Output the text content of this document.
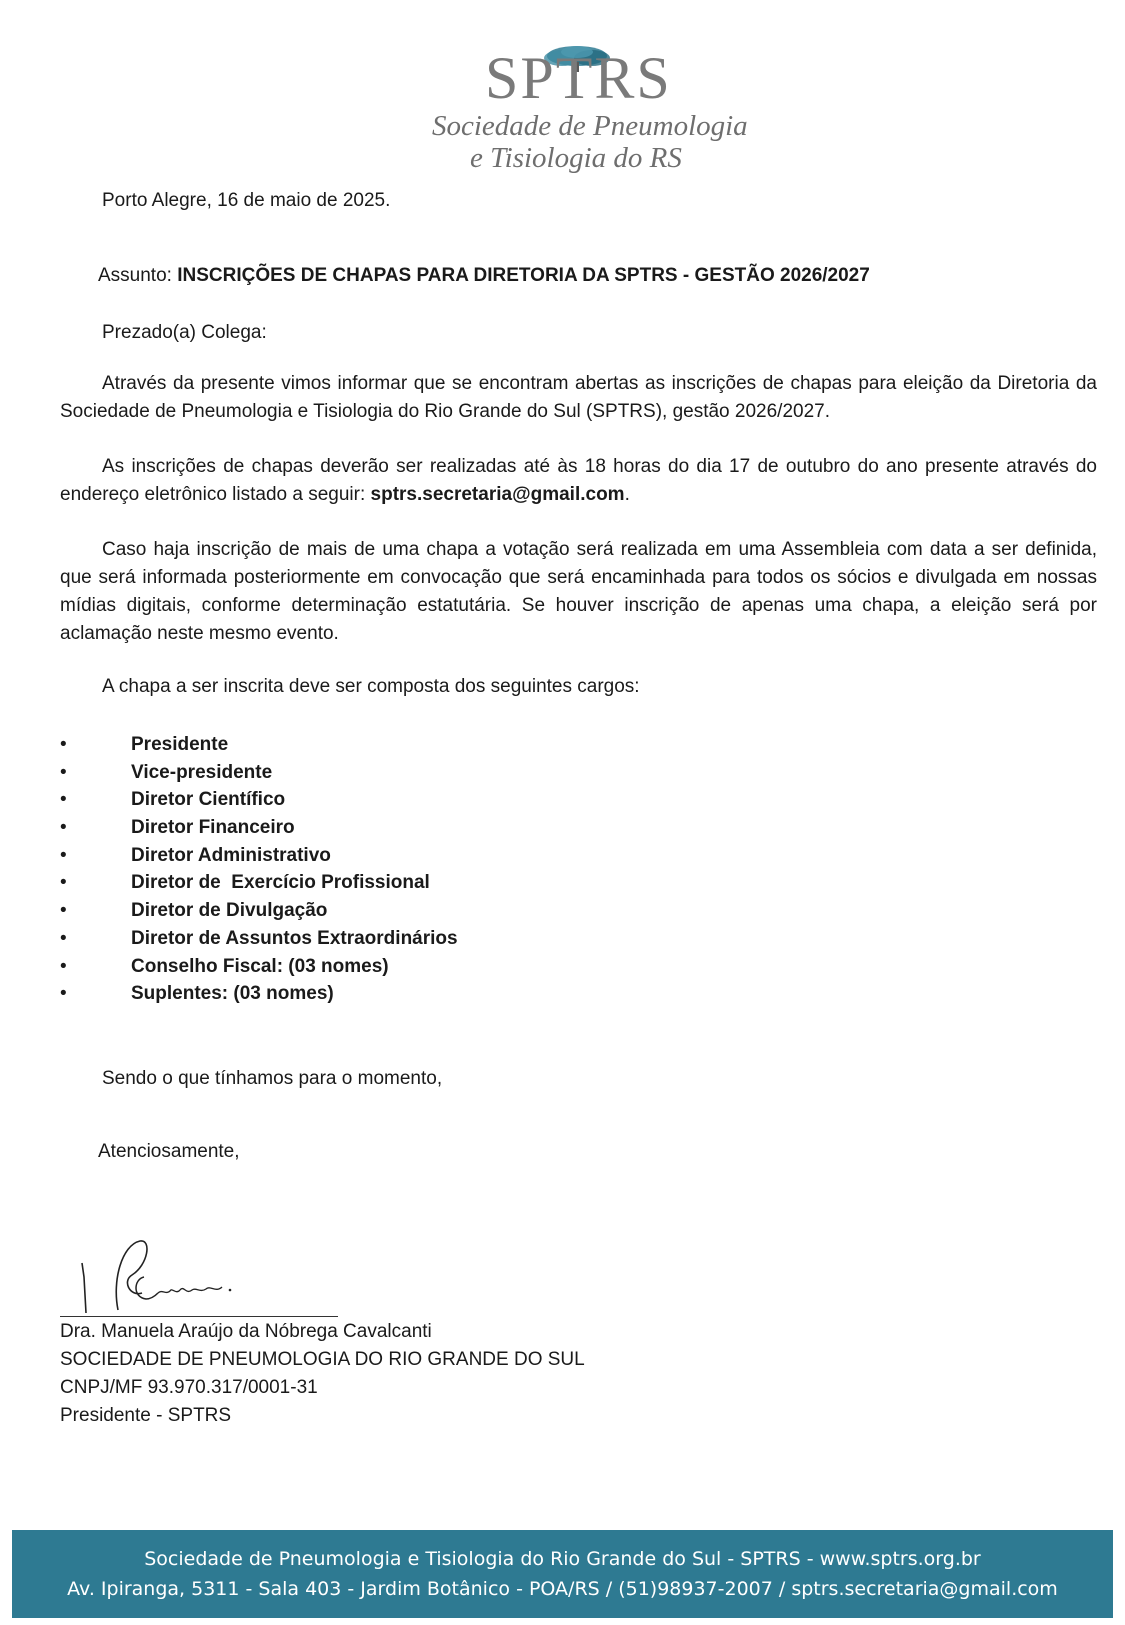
SPTRS
Sociedade de Pneumologia
e Tisiologia do RS
Porto Alegre, 16 de maio de 2025.
Assunto: INSCRIÇÕES DE CHAPAS PARA DIRETORIA DA SPTRS - GESTÃO 2026/2027
Prezado(a) Colega:
Através da presente vimos informar que se encontram abertas as inscrições de chapas para eleição da Diretoria da Sociedade de Pneumologia e Tisiologia do Rio Grande do Sul (SPTRS), gestão 2026/2027.
As inscrições de chapas deverão ser realizadas até às 18 horas do dia 17 de outubro do ano presente através do endereço eletrônico listado a seguir: sptrs.secretaria@gmail.com.
Caso haja inscrição de mais de uma chapa a votação será realizada em uma Assembleia com data a ser definida, que será informada posteriormente em convocação que será encaminhada para todos os sócios e divulgada em nossas mídias digitais, conforme determinação estatutária. Se houver inscrição de apenas uma chapa, a eleição será por aclamação neste mesmo evento.
A chapa a ser inscrita deve ser composta dos seguintes cargos:
•	Presidente
•	Vice-presidente
•	Diretor Científico
•	Diretor Financeiro
•	Diretor Administrativo
•	Diretor de  Exercício Profissional
•	Diretor de Divulgação
•	Diretor de Assuntos Extraordinários
•	Conselho Fiscal: (03 nomes)
•	Suplentes: (03 nomes)
Sendo o que tínhamos para o momento,
Atenciosamente,
Dra. Manuela Araújo da Nóbrega Cavalcanti
SOCIEDADE DE PNEUMOLOGIA DO RIO GRANDE DO SUL
CNPJ/MF 93.970.317/0001-31
Presidente - SPTRS
Sociedade de Pneumologia e Tisiologia do Rio Grande do Sul - SPTRS - www.sptrs.org.br
Av. Ipiranga, 5311 - Sala 403 - Jardim Botânico - POA/RS / (51)98937-2007 / sptrs.secretaria@gmail.com
